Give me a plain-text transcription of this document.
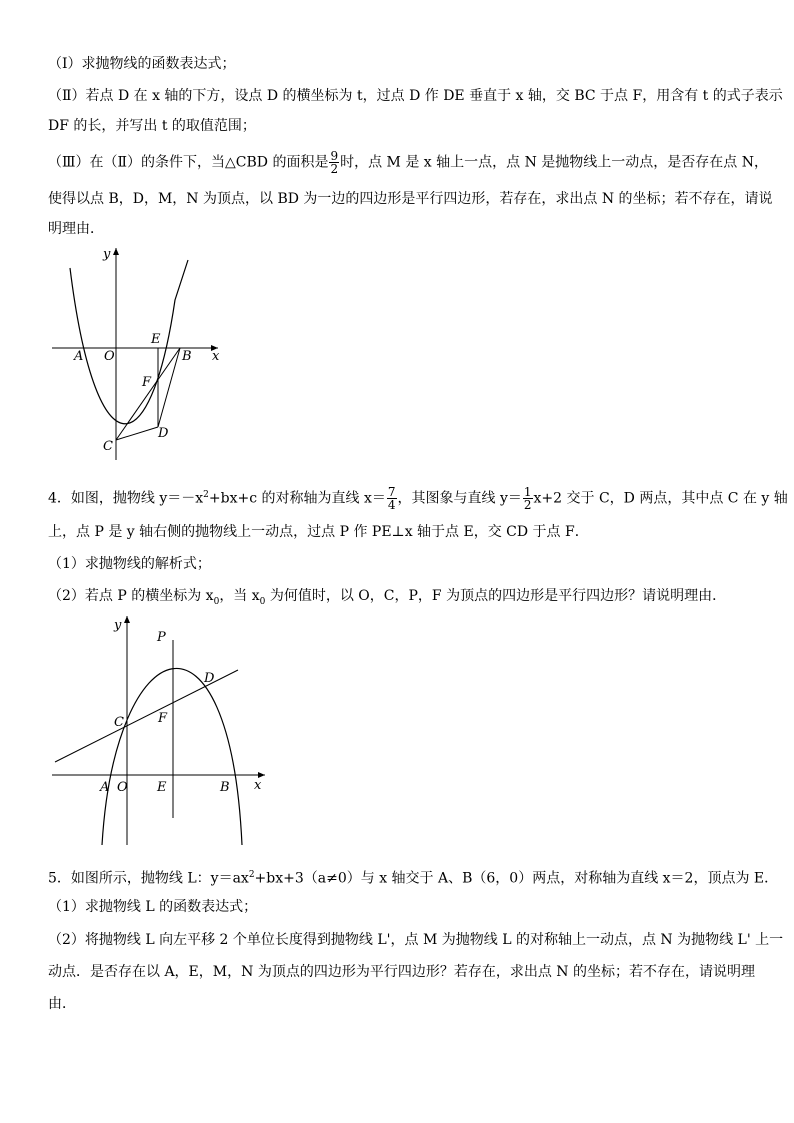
（Ⅰ）求抛物线的函数表达式；
（Ⅱ）若点 D 在 x 轴的下方，设点 D 的横坐标为 t，过点 D 作 DE 垂直于 x 轴，交 BC 于点 F，用含有 t 的式子表示
DF 的长，并写出 t 的取值范围；
（Ⅲ）在（Ⅱ）的条件下，当△CBD 的面积是 $\frac{9}{2}$ 时，点 M 是 x 轴上一点，点 N 是抛物线上一动点，是否存在点 N，
使得以点 B，D，M，N 为顶点，以 BD 为一边的四边形是平行四边形，若存在，求出点 N 的坐标；若不存在，请说
明理由．
y
x
A O
E
B
F
C
D
4．如图，抛物线 $y=-x^2+bx+c$ 的对称轴为直线 $x= \frac{7}{4}$ ，其图象与直线 $y= \frac{1}{2} x+2$ 交于 C，D 两点，其中点 C 在 y 轴
上，点 P 是 y 轴右侧的抛物线上一动点，过点 P 作 PE⊥x 轴于点 E，交 CD 于点 F．
（1）求抛物线的解析式；
（2）若点 P 的横坐标为 $x_0$，当 $x_0$ 为何值时，以 O，C，P，F 为顶点的四边形是平行四边形？请说明理由．
y
P
D
C	F
A O E	B x
5．如图所示，抛物线 L：$y=ax^2+bx+3(a\ne 0)$与 x 轴交于 A、B（6，0）两点，对称轴为直线 x＝2，顶点为 E．
（1）求抛物线 L 的函数表达式；
（2）将抛物线 L 向左平移 2 个单位长度得到抛物线 L'，点 M 为抛物线 L 的对称轴上一动点，点 N 为抛物线 L' 上一
动点．是否存在以 A，E，M，N 为顶点的四边形为平行四边形？若存在，求出点 N 的坐标；若不存在，请说明理
由．
